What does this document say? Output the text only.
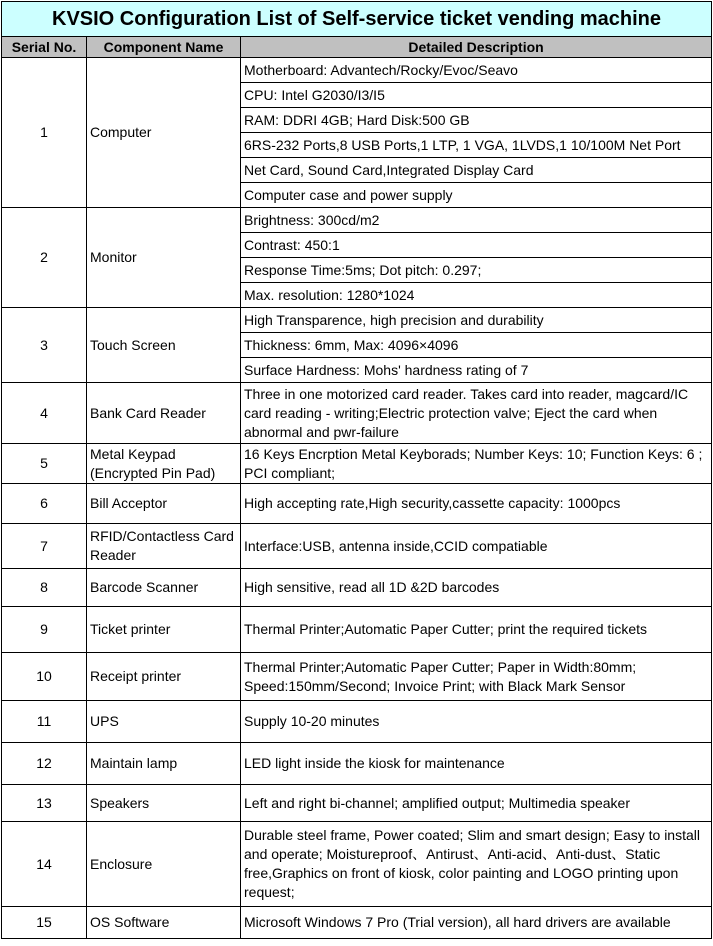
KVSIO Configuration List of Self-service ticket vending machine		
Serial No.	Component Name	Detailed Description
1	Computer	Motherboard: Advantech/Rocky/Evoc/Seavo
		CPU: Intel G2030/I3/I5
		RAM: DDRI 4GB; Hard Disk:500 GB
		6RS-232 Ports,8 USB Ports,1 LTP, 1 VGA, 1LVDS,1 10/100M Net Port
		Net Card, Sound Card,Integrated Display Card
		Computer case and power supply
2	Monitor	Brightness: 300cd/m2
		Contrast: 450:1
		Response Time:5ms; Dot pitch: 0.297;
		Max. resolution: 1280*1024
3	Touch Screen	High Transparence, high precision and durability
		Thickness: 6mm, Max: 4096×4096
		Surface Hardness: Mohs' hardness rating of 7
4	Bank Card Reader	Three in one motorized card reader. Takes card into reader, magcard/IC card reading - writing;Electric protection valve; Eject the card when abnormal and pwr-failure
5	Metal Keypad (Encrypted Pin Pad)	16 Keys Encrption Metal Keyborads; Number Keys: 10; Function Keys: 6 ; PCI compliant;
6	Bill Acceptor	High accepting rate,High security,cassette capacity: 1000pcs
7	RFID/Contactless Card Reader	Interface:USB, antenna inside,CCID compatiable
8	Barcode Scanner	High sensitive, read all 1D &2D barcodes
9	Ticket printer	Thermal Printer;Automatic Paper Cutter; print the required tickets
10	Receipt printer	Thermal Printer;Automatic Paper Cutter; Paper in Width:80mm; Speed:150mm/Second; Invoice Print; with Black Mark Sensor
11	UPS	Supply 10-20 minutes
12	Maintain lamp	LED light inside the kiosk for maintenance
13	Speakers	Left and right bi-channel; amplified output; Multimedia speaker
14	Enclosure	Durable steel frame, Power coated; Slim and smart design; Easy to install and operate; Moistureproof、Antirust、Anti-acid、Anti-dust、Static free,Graphics on front of kiosk, color painting and LOGO printing upon request;
15	OS Software	Microsoft Windows 7 Pro (Trial version), all hard drivers are available
